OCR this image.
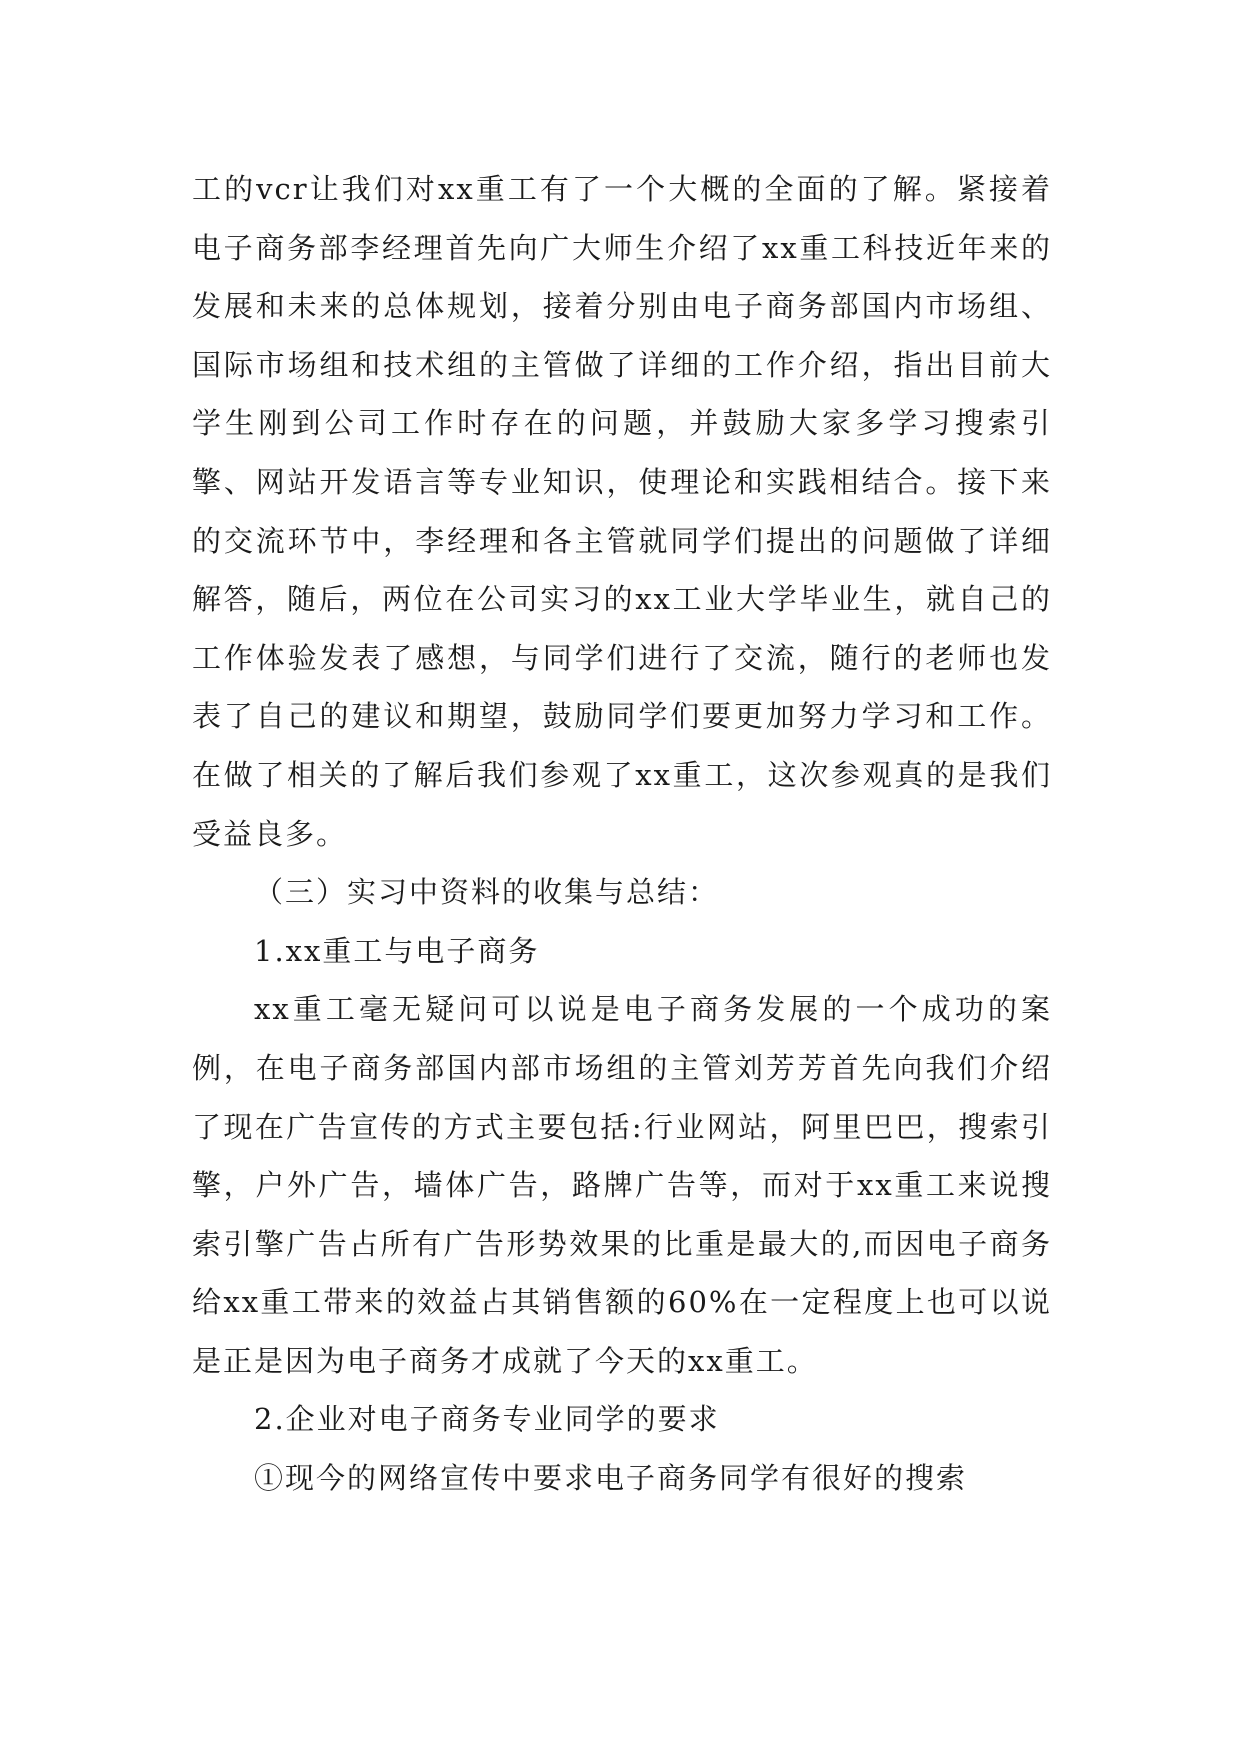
工的vcr让我们对xx重工有了一个大概的全面的了解。紧接着电子商务部李经理首先向广大师生介绍了xx重工科技近年来的发展和未来的总体规划，接着分别由电子商务部国内市场组、国际市场组和技术组的主管做了详细的工作介绍，指出目前大学生刚到公司工作时存在的问题，并鼓励大家多学习搜索引擎、网站开发语言等专业知识，使理论和实践相结合。接下来的交流环节中，李经理和各主管就同学们提出的问题做了详细解答，随后，两位在公司实习的xx工业大学毕业生，就自己的工作体验发表了感想，与同学们进行了交流，随行的老师也发表了自己的建议和期望，鼓励同学们要更加努力学习和工作。在做了相关的了解后我们参观了xx重工，这次参观真的是我们受益良多。

（三）实习中资料的收集与总结：

1.xx重工与电子商务

xx重工毫无疑问可以说是电子商务发展的一个成功的案例，在电子商务部国内部市场组的主管刘芳芳首先向我们介绍了现在广告宣传的方式主要包括:行业网站，阿里巴巴，搜索引擎，户外广告，墙体广告，路牌广告等，而对于xx重工来说搜索引擎广告占所有广告形势效果的比重是最大的,而因电子商务给xx重工带来的效益占其销售额的60%在一定程度上也可以说是正是因为电子商务才成就了今天的xx重工。

2.企业对电子商务专业同学的要求

①现今的网络宣传中要求电子商务同学有很好的搜索
